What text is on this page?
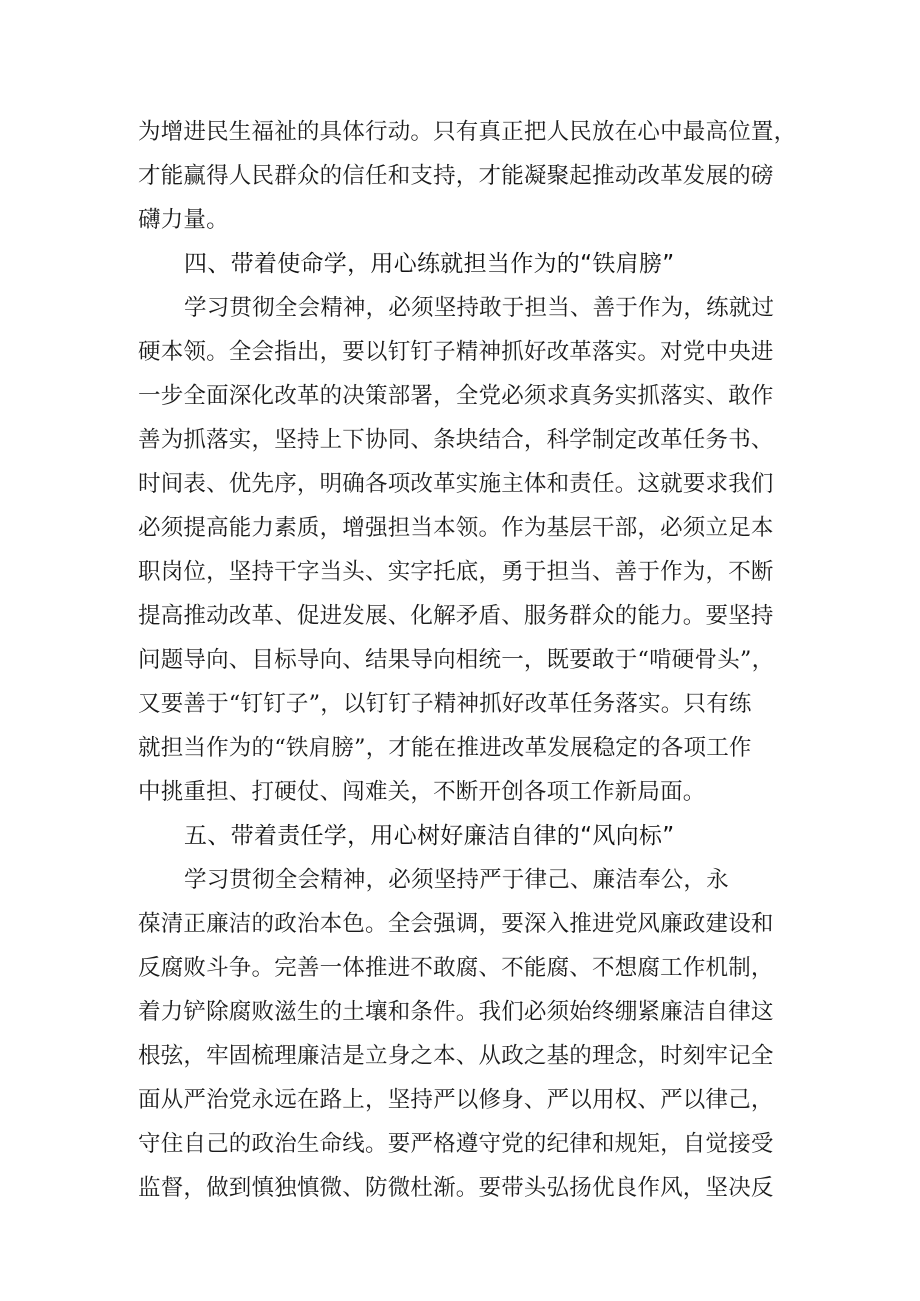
为增进民生福祉的具体行动。只有真正把人民放在心中最高位置，
才能赢得人民群众的信任和支持，才能凝聚起推动改革发展的磅
礴力量。
四、带着使命学，用心练就担当作为的“铁肩膀”
学习贯彻全会精神，必须坚持敢于担当、善于作为，练就过
硬本领。全会指出，要以钉钉子精神抓好改革落实。对党中央进
一步全面深化改革的决策部署，全党必须求真务实抓落实、敢作
善为抓落实，坚持上下协同、条块结合，科学制定改革任务书、
时间表、优先序，明确各项改革实施主体和责任。这就要求我们
必须提高能力素质，增强担当本领。作为基层干部，必须立足本
职岗位，坚持干字当头、实字托底，勇于担当、善于作为，不断
提高推动改革、促进发展、化解矛盾、服务群众的能力。要坚持
问题导向、目标导向、结果导向相统一，既要敢于“啃硬骨头”，
又要善于“钉钉子”，以钉钉子精神抓好改革任务落实。只有练
就担当作为的“铁肩膀”，才能在推进改革发展稳定的各项工作
中挑重担、打硬仗、闯难关，不断开创各项工作新局面。
五、带着责任学，用心树好廉洁自律的“风向标”
学习贯彻全会精神，必须坚持严于律己、廉洁奉公，永
葆清正廉洁的政治本色。全会强调，要深入推进党风廉政建设和
反腐败斗争。完善一体推进不敢腐、不能腐、不想腐工作机制，
着力铲除腐败滋生的土壤和条件。我们必须始终绷紧廉洁自律这
根弦，牢固梳理廉洁是立身之本、从政之基的理念，时刻牢记全
面从严治党永远在路上，坚持严以修身、严以用权、严以律己，
守住自己的政治生命线。要严格遵守党的纪律和规矩，自觉接受
监督，做到慎独慎微、防微杜渐。要带头弘扬优良作风，坚决反
